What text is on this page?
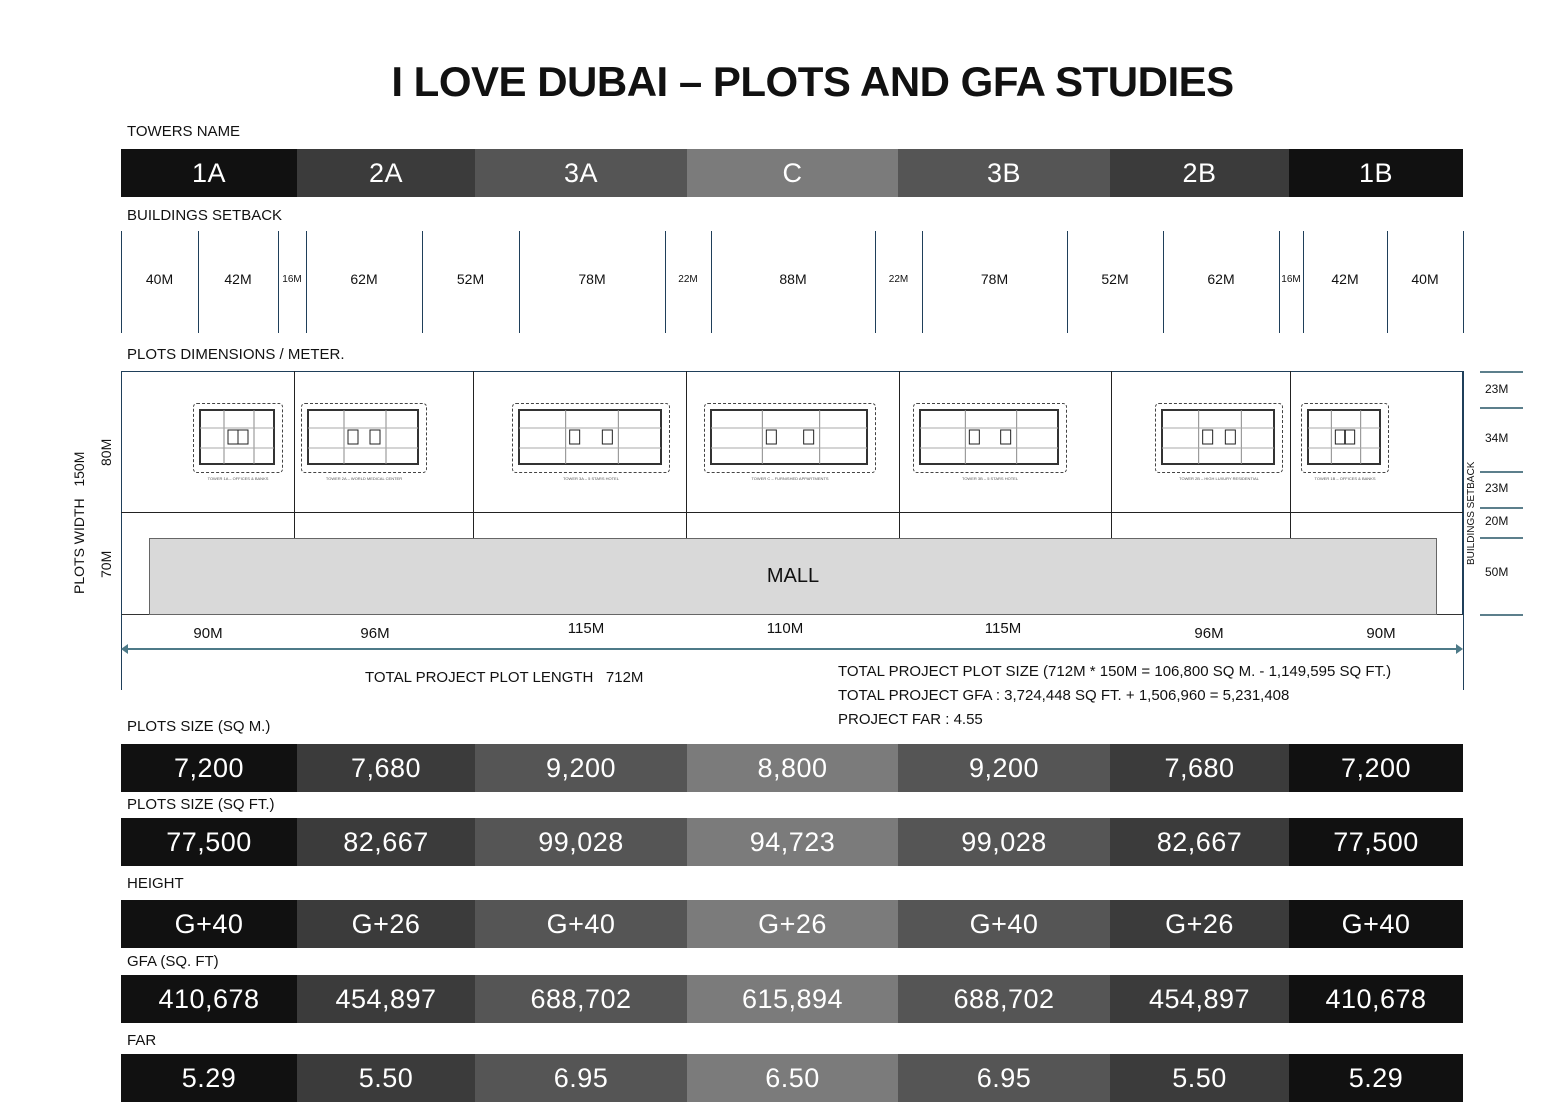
I LOVE DUBAI – PLOTS AND GFA STUDIES
TOWERS NAME
1A	2A	3A	C	3B	2B	1B
BUILDINGS SETBACK
40M	42M	16M	62M	52M	78M	22M	88M	22M	78M	52M	62M	16M	42M	40M
PLOTS DIMENSIONS / METER.
PLOTS WIDTH   150M 80M
70M
TOWER 1A – OFFICES & BANKS	TOWER 2A – WORLD MEDICAL CENTER	TOWER 3A – 5 STARS HOTEL	TOWER C – FURNISHED APPARTMENTS	TOWER 3B – 5 STARS HOTEL	TOWER 2B – HIGH LUXURY RESIDENTIAL	TOWER 1B – OFFICES & BANKS
MALL
90M	96M	115M	110M	115M	96M	90M
TOTAL PROJECT PLOT LENGTH 712M	TOTAL PROJECT PLOT SIZE (712M * 150M = 106,800 SQ M. - 1,149,595 SQ FT.)
TOTAL PROJECT GFA : 3,724,448 SQ FT. + 1,506,960 = 5,231,408
PROJECT FAR : 4.55
23M
34M
23M
20M
50M
BUILDINGS SETBACK
PLOTS SIZE (SQ M.)
7,200	7,680	9,200	8,800	9,200	7,680	7,200
PLOTS SIZE (SQ FT.)
77,500	82,667	99,028	94,723	99,028	82,667	77,500
HEIGHT
G+40	G+26	G+40	G+26	G+40	G+26	G+40
GFA (SQ. FT)
410,678	454,897	688,702	615,894	688,702	454,897	410,678
FAR
5.29	5.50	6.95	6.50	6.95	5.50	5.29
